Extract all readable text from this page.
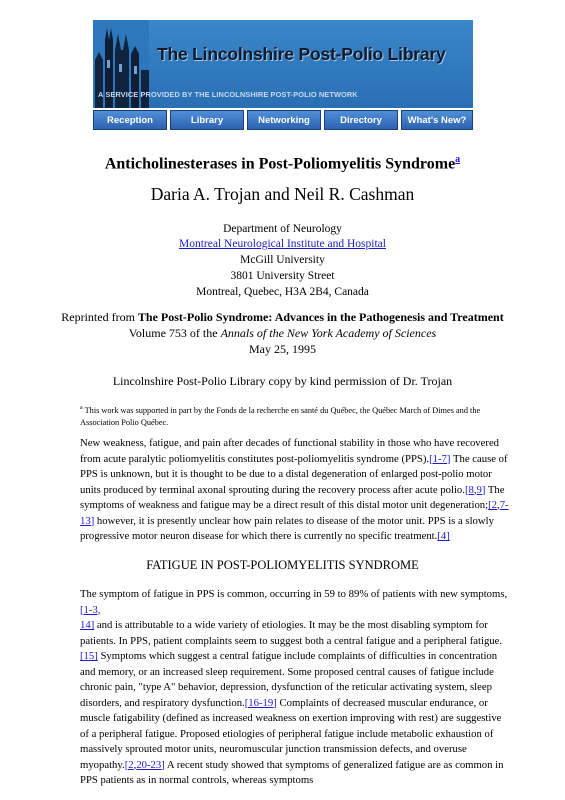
The Lincolnshire Post-Polio Library
A SERVICE PROVIDED BY THE LINCOLNSHIRE POST-POLIO NETWORK
Reception	Library	Networking	Directory	What's New?
Anticholinesterases in Post-Poliomyelitis Syndrome$^a$
Daria A. Trojan and Neil R. Cashman
Department of Neurology
Montreal Neurological Institute and Hospital
McGill University
3801 University Street
Montreal, Quebec, H3A 2B4, Canada
Reprinted from The Post-Polio Syndrome: Advances in the Pathogenesis and Treatment
Volume 753 of the Annals of the New York Academy of Sciences
May 25, 1995
Lincolnshire Post-Polio Library copy by kind permission of Dr. Trojan
$^a$ This work was supported in part by the Fonds de la recherche en santé du Québec, the Québec March of Dimes and the Association Polio Québec.
New weakness, fatigue, and pain after decades of functional stability in those who have recovered from acute paralytic poliomyelitis constitutes post-poliomyelitis syndrome (PPS).[1-7] The cause of PPS is unknown, but it is thought to be due to a distal degeneration of enlarged post-polio motor units produced by terminal axonal sprouting during the recovery process after acute polio.[8,9] The symptoms of weakness and fatigue may be a direct result of this distal motor unit degeneration;[2,7-13] however, it is presently unclear how pain relates to disease of the motor unit. PPS is a slowly progressive motor neuron disease for which there is currently no specific treatment.[4]
FATIGUE IN POST-POLIOMYELITIS SYNDROME
The symptom of fatigue in PPS is common, occurring in 59 to 89% of patients with new symptoms,[1-3,
14] and is attributable to a wide variety of etiologies. It may be the most disabling symptom for patients. In PPS, patient complaints seem to suggest both a central fatigue and a peripheral fatigue.[15] Symptoms which suggest a central fatigue include complaints of difficulties in concentration and memory, or an increased sleep requirement. Some proposed central causes of fatigue include chronic pain, "type A" behavior, depression, dysfunction of the reticular activating system, sleep disorders, and respiratory dysfunction.[16-19] Complaints of decreased muscular endurance, or muscle fatigability (defined as increased weakness on exertion improving with rest) are suggestive of a peripheral fatigue. Proposed etiologies of peripheral fatigue include metabolic exhaustion of massively sprouted motor units, neuromuscular junction transmission defects, and overuse myopathy.[2,20-23] A recent study showed that symptoms of generalized fatigue are as common in PPS patients as in normal controls, whereas symptoms
